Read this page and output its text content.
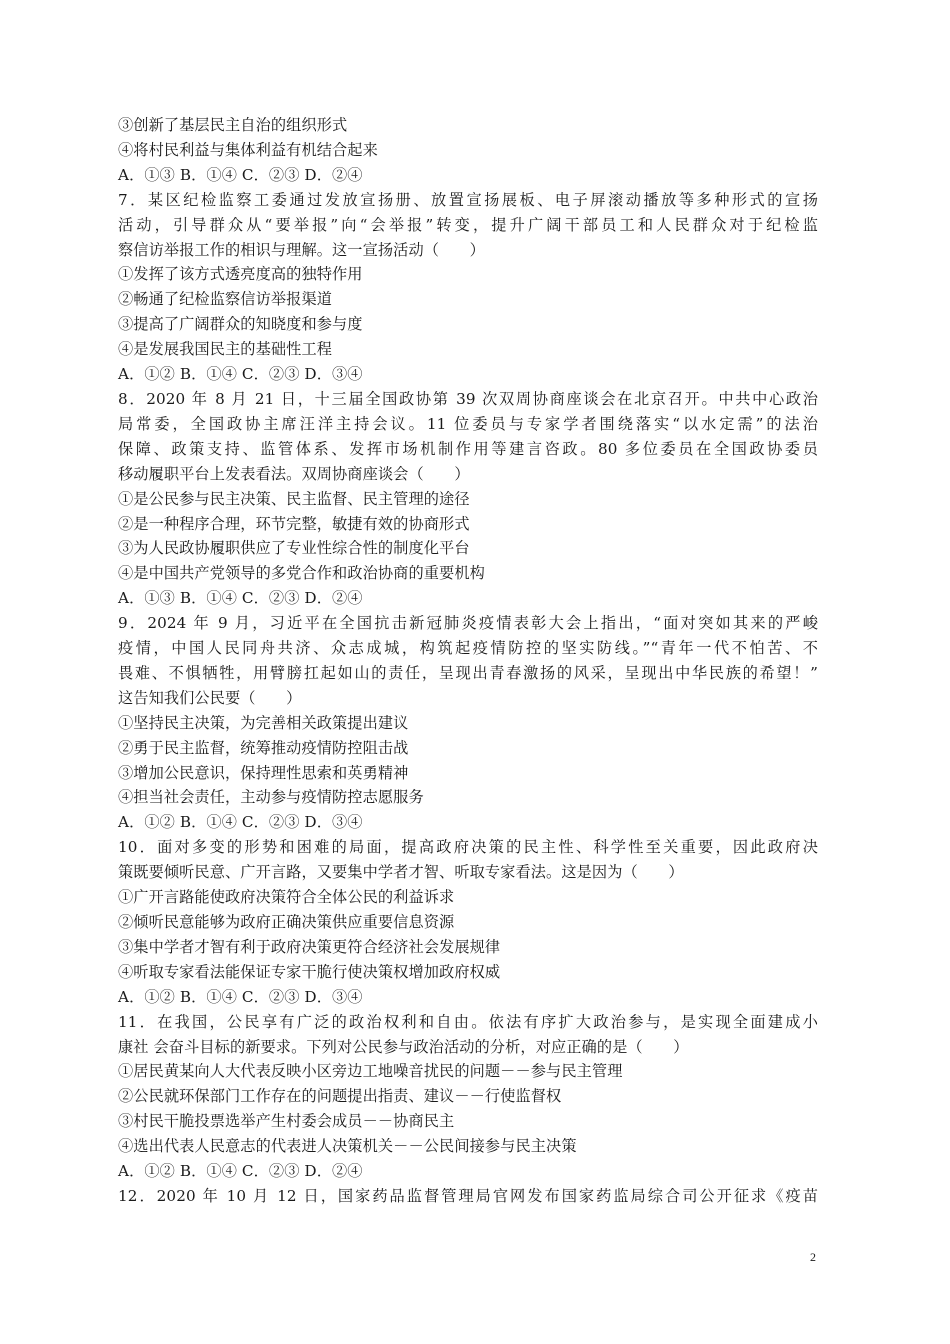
③创新了基层民主自治的组织形式
④将村民利益与集体利益有机结合起来
A．①③ B．①④ C．②③ D．②④
7．某区纪检监察工委通过发放宣扬册、放置宣扬展板、电子屏滚动播放等多种形式的宣扬
活动，引导群众从“要举报”向“会举报”转变，提升广阔干部员工和人民群众对于纪检监
察信访举报工作的相识与理解。这一宣扬活动（　　）
①发挥了该方式透亮度高的独特作用
②畅通了纪检监察信访举报渠道
③提高了广阔群众的知晓度和参与度
④是发展我国民主的基础性工程
A．①② B．①④ C．②③ D．③④
8．2020 年 8 月 21 日，十三届全国政协第 39 次双周协商座谈会在北京召开。中共中心政治
局常委，全国政协主席汪洋主持会议。11 位委员与专家学者围绕落实“以水定需”的法治
保障、政策支持、监管体系、发挥市场机制作用等建言咨政。80 多位委员在全国政协委员
移动履职平台上发表看法。双周协商座谈会（　　）
①是公民参与民主决策、民主监督、民主管理的途径
②是一种程序合理，环节完整，敏捷有效的协商形式
③为人民政协履职供应了专业性综合性的制度化平台
④是中国共产党领导的多党合作和政治协商的重要机构
A．①③ B．①④ C．②③ D．②④
9．2024 年 9 月，习近平在全国抗击新冠肺炎疫情表彰大会上指出，“面对突如其来的严峻
疫情，中国人民同舟共济、众志成城，构筑起疫情防控的坚实防线。”“青年一代不怕苦、不
畏难、不惧牺牲，用臂膀扛起如山的责任，呈现出青春激扬的风采，呈现出中华民族的希望！”
这告知我们公民要（　　）
①坚持民主决策，为完善相关政策提出建议
②勇于民主监督，统筹推动疫情防控阻击战
③增加公民意识，保持理性思索和英勇精神
④担当社会责任，主动参与疫情防控志愿服务
A．①② B．①④ C．②③ D．③④
10．面对多变的形势和困难的局面，提高政府决策的民主性、科学性至关重要，因此政府决
策既要倾听民意、广开言路，又要集中学者才智、听取专家看法。这是因为（　　）
①广开言路能使政府决策符合全体公民的利益诉求
②倾听民意能够为政府正确决策供应重要信息资源
③集中学者才智有利于政府决策更符合经济社会发展规律
④听取专家看法能保证专家干脆行使决策权增加政府权威
A．①② B．①④ C．②③ D．③④
11．在我国，公民享有广泛的政治权利和自由。依法有序扩大政治参与，是实现全面建成小
康社 会奋斗目标的新要求。下列对公民参与政治活动的分析，对应正确的是（　　）
①居民黄某向人大代表反映小区旁边工地噪音扰民的问题－－参与民主管理
②公民就环保部门工作存在的问题提出指责、建议－－行使监督权
③村民干脆投票选举产生村委会成员－－协商民主
④选出代表人民意志的代表进人决策机关－－公民间接参与民主决策
A．①② B．①④ C．②③ D．②④
12．2020 年 10 月 12 日，国家药品监督管理局官网发布国家药监局综合司公开征求《疫苗
2
